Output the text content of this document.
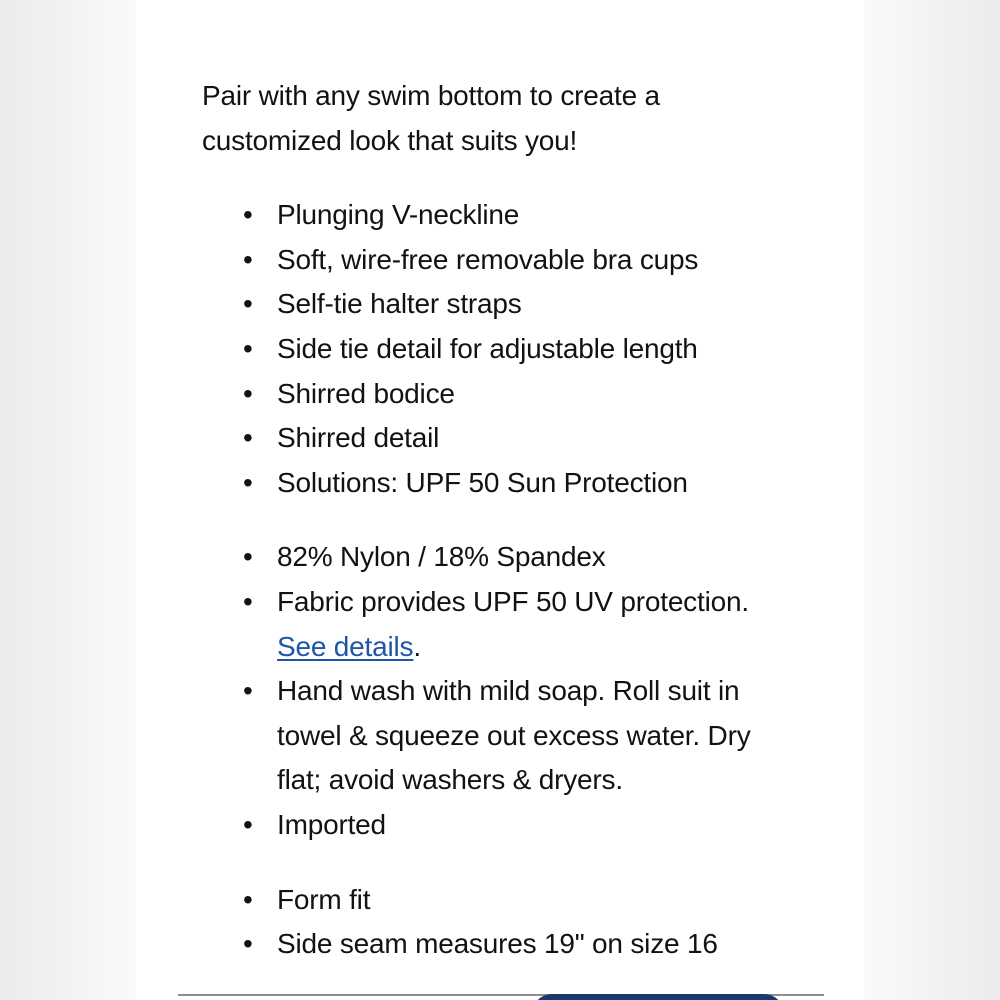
Pair with any swim bottom to create a customized look that suits you!

• Plunging V-neckline
• Soft, wire-free removable bra cups
• Self-tie halter straps
• Side tie detail for adjustable length
• Shirred bodice
• Shirred detail
• Solutions: UPF 50 Sun Protection
• 82% Nylon / 18% Spandex
• Fabric provides UPF 50 UV protection.
See details.
• Hand wash with mild soap. Roll suit in towel & squeeze out excess water. Dry flat; avoid washers & dryers.
• Imported
• Form fit
• Side seam measures 19" on size 16
